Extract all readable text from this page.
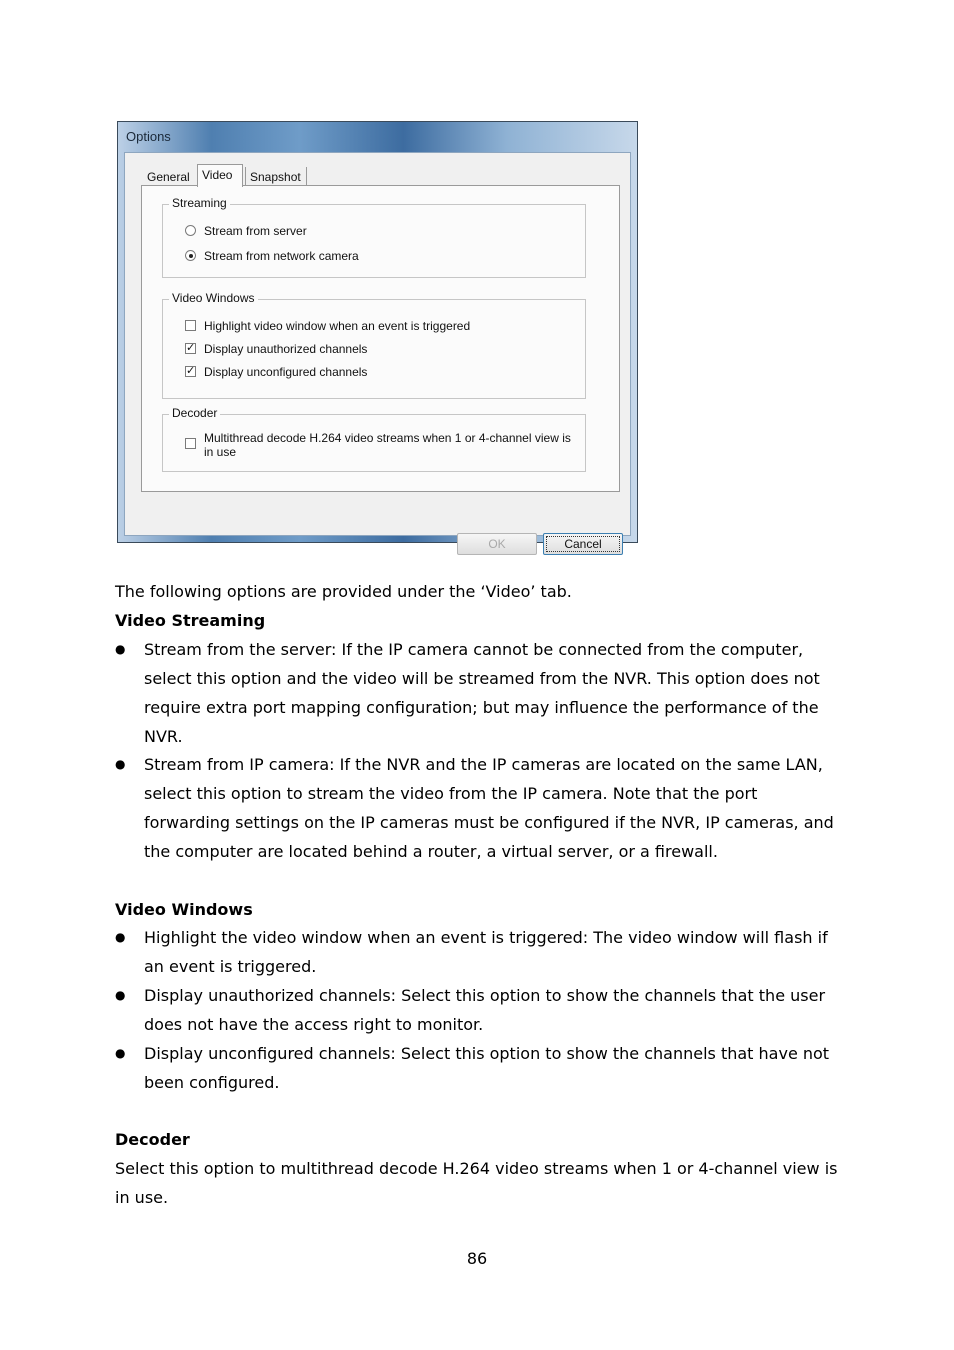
Options
General	Video	Snapshot
Streaming
Stream from server
Stream from network camera
Video Windows
Highlight video window when an event is triggered
✓ Display unauthorized channels
✓ Display unconfigured channels
Decoder
Multithread decode H.264 video streams when 1 or 4-channel view is in use
OK	Cancel
The following options are provided under the ‘Video’ tab.
Video Streaming
● Stream from the server: If the IP camera cannot be connected from the computer, select this option and the video will be streamed from the NVR. This option does not require extra port mapping configuration; but may influence the performance of the NVR.
● Stream from IP camera: If the NVR and the IP cameras are located on the same LAN, select this option to stream the video from the IP camera. Note that the port forwarding settings on the IP cameras must be configured if the NVR, IP cameras, and the computer are located behind a router, a virtual server, or a firewall.
Video Windows
● Highlight the video window when an event is triggered: The video window will flash if an event is triggered.
● Display unauthorized channels: Select this option to show the channels that the user does not have the access right to monitor.
● Display unconfigured channels: Select this option to show the channels that have not been configured.
Decoder
Select this option to multithread decode H.264 video streams when 1 or 4-channel view is in use.
86
